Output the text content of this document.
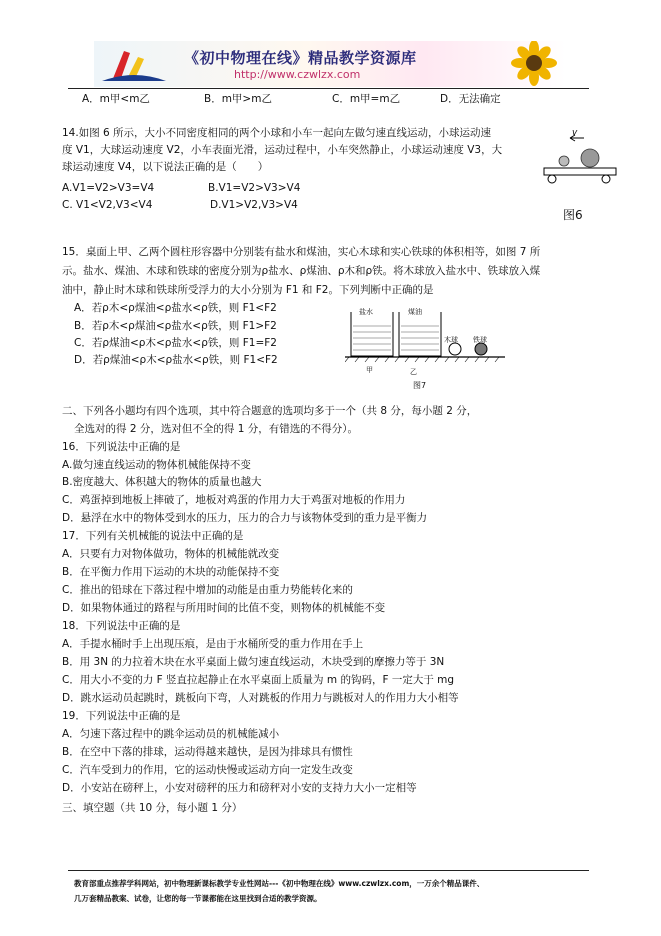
《初中物理在线》精品教学资源库
http://www.czwlzx.com
A．m甲<m乙	B．m甲>m乙	C．m甲=m乙	D．无法确定
14.如图 6 所示，大小不同密度相同的两个小球和小车一起向左做匀速直线运动，小球运动速
度 V1，大球运动速度 V2，小车表面光滑，运动过程中，小车突然静止，小球运动速度 V3，大
球运动速度 V4，以下说法正确的是（　　）
A.V1=V2>V3=V4	B.V1=V2>V3>V4
C. V1<V2,V3<V4	D.V1>V2,V3>V4
v
图6
15．桌面上甲、乙两个圆柱形容器中分别装有盐水和煤油，实心木球和实心铁球的体积相等，如图 7 所
示。盐水、煤油、木球和铁球的密度分别为ρ盐水、ρ煤油、ρ木和ρ铁。将木球放入盐水中、铁球放入煤
油中，静止时木球和铁球所受浮力的大小分别为 F1 和 F2。下列判断中正确的是
A．若ρ木<ρ煤油<ρ盐水<ρ铁，则 F1<F2
B．若ρ木<ρ煤油<ρ盐水<ρ铁，则 F1>F2
C．若ρ煤油<ρ木<ρ盐水<ρ铁，则 F1=F2
D．若ρ煤油<ρ木<ρ盐水<ρ铁，则 F1<F2
盐水	煤油
木球 铁球
甲	乙
图7
二、下列各小题均有四个选项，其中符合题意的选项均多于一个（共 8 分，每小题 2 分，
全选对的得 2 分，选对但不全的得 1 分，有错选的不得分）。
16．下列说法中正确的是
A.做匀速直线运动的物体机械能保持不变
B.密度越大、体积越大的物体的质量也越大
C．鸡蛋掉到地板上摔破了，地板对鸡蛋的作用力大于鸡蛋对地板的作用力
D．悬浮在水中的物体受到水的压力，压力的合力与该物体受到的重力是平衡力
17．下列有关机械能的说法中正确的是
A．只要有力对物体做功，物体的机械能就改变
B．在平衡力作用下运动的木块的动能保持不变
C．推出的铅球在下落过程中增加的动能是由重力势能转化来的
D．如果物体通过的路程与所用时间的比值不变，则物体的机械能不变
18．下列说法中正确的是
A．手提水桶时手上出现压痕，是由于水桶所受的重力作用在手上
B．用 3N 的力拉着木块在水平桌面上做匀速直线运动，木块受到的摩擦力等于 3N
C．用大小不变的力 F 竖直拉起静止在水平桌面上质量为 m 的钩码，F 一定大于 mg
D．跳水运动员起跳时，跳板向下弯，人对跳板的作用力与跳板对人的作用力大小相等
19．下列说法中正确的是
A．匀速下落过程中的跳伞运动员的机械能减小
B．在空中下落的排球，运动得越来越快，是因为排球具有惯性
C．汽车受到力的作用，它的运动快慢或运动方向一定发生改变
D．小安站在磅秤上，小安对磅秤的压力和磅秤对小安的支持力大小一定相等
三、填空题（共 10 分，每小题 1 分）
教育部重点推荐学科网站，初中物理新课标教学专业性网站---《初中物理在线》www.czwlzx.com，一万余个精品课件、
几万套精品教案、试卷，让您的每一节课都能在这里找到合适的教学资源。
